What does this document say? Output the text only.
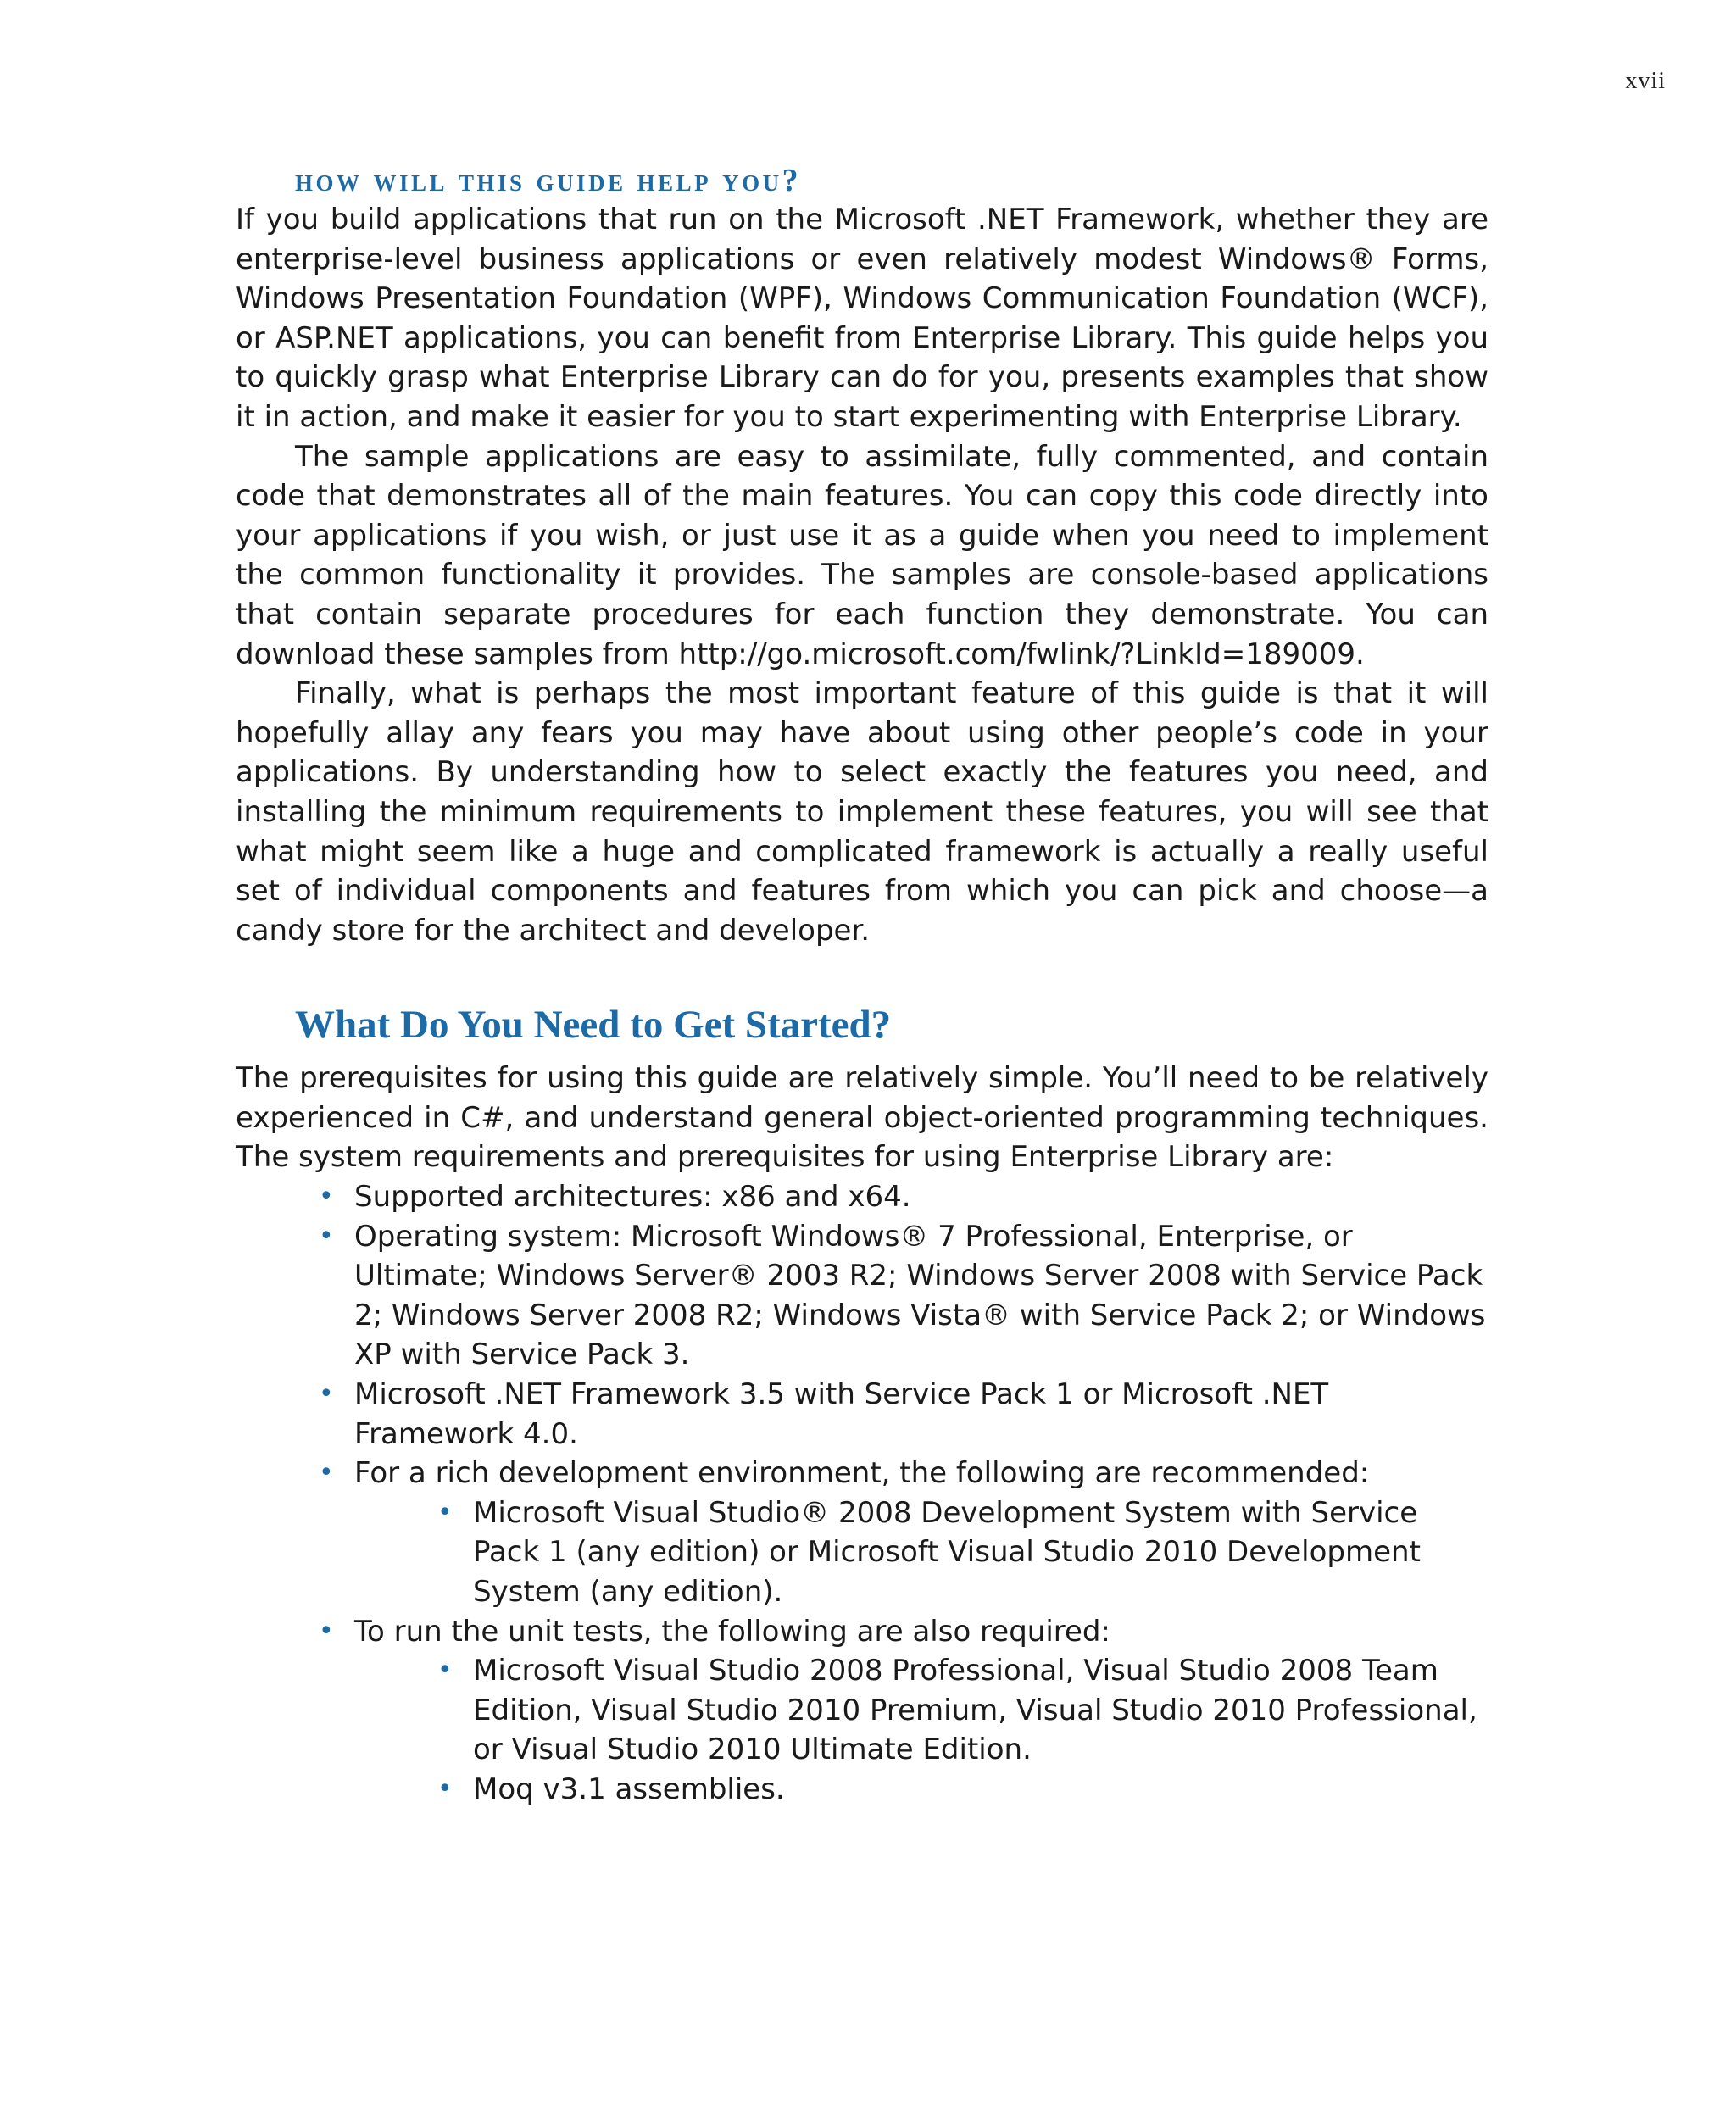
xvii
how will this guide help you?

If you build applications that run on the Microsoft .NET Framework, whether they are enterprise-level business applications or even relatively modest Windows® Forms, Windows Presentation Foundation (WPF), Windows Communication Foundation (WCF), or ASP.NET applications, you can benefit from Enterprise Library. This guide helps you to quickly grasp what Enterprise Library can do for you, presents examples that show it in action, and make it easier for you to start experimenting with Enterprise Library.

The sample applications are easy to assimilate, fully commented, and contain code that demonstrates all of the main features. You can copy this code directly into your applications if you wish, or just use it as a guide when you need to implement the common functionality it provides. The samples are console-based applications that contain separate procedures for each function they demonstrate. You can download these samples from http://go.microsoft.com/fwlink/?LinkId=189009.

Finally, what is perhaps the most important feature of this guide is that it will hopefully allay any fears you may have about using other people’s code in your applications. By understanding how to select exactly the features you need, and installing the minimum requirements to implement these features, you will see that what might seem like a huge and complicated framework is actually a really useful set of individual components and features from which you can pick and choose—a candy store for the architect and developer.

What Do You Need to Get Started?

The prerequisites for using this guide are relatively simple. You’ll need to be relatively experienced in C#, and understand general object-oriented programming techniques. The system requirements and prerequisites for using Enterprise Library are:

• Supported architectures: x86 and x64.
• Operating system: Microsoft Windows® 7 Professional, Enterprise, or Ultimate; Windows Server® 2003 R2; Windows Server 2008 with Service Pack 2; Windows Server 2008 R2; Windows Vista® with Service Pack 2; or Windows XP with Service Pack 3.
• Microsoft .NET Framework 3.5 with Service Pack 1 or Microsoft .NET Framework 4.0.
• For a rich development environment, the following are recommended:
• Microsoft Visual Studio® 2008 Development System with Service Pack 1 (any edition) or Microsoft Visual Studio 2010 Development System (any edition).
• To run the unit tests, the following are also required:
• Microsoft Visual Studio 2008 Professional, Visual Studio 2008 Team Edition, Visual Studio 2010 Premium, Visual Studio 2010 Professional, or Visual Studio 2010 Ultimate Edition.
• Moq v3.1 assemblies.
